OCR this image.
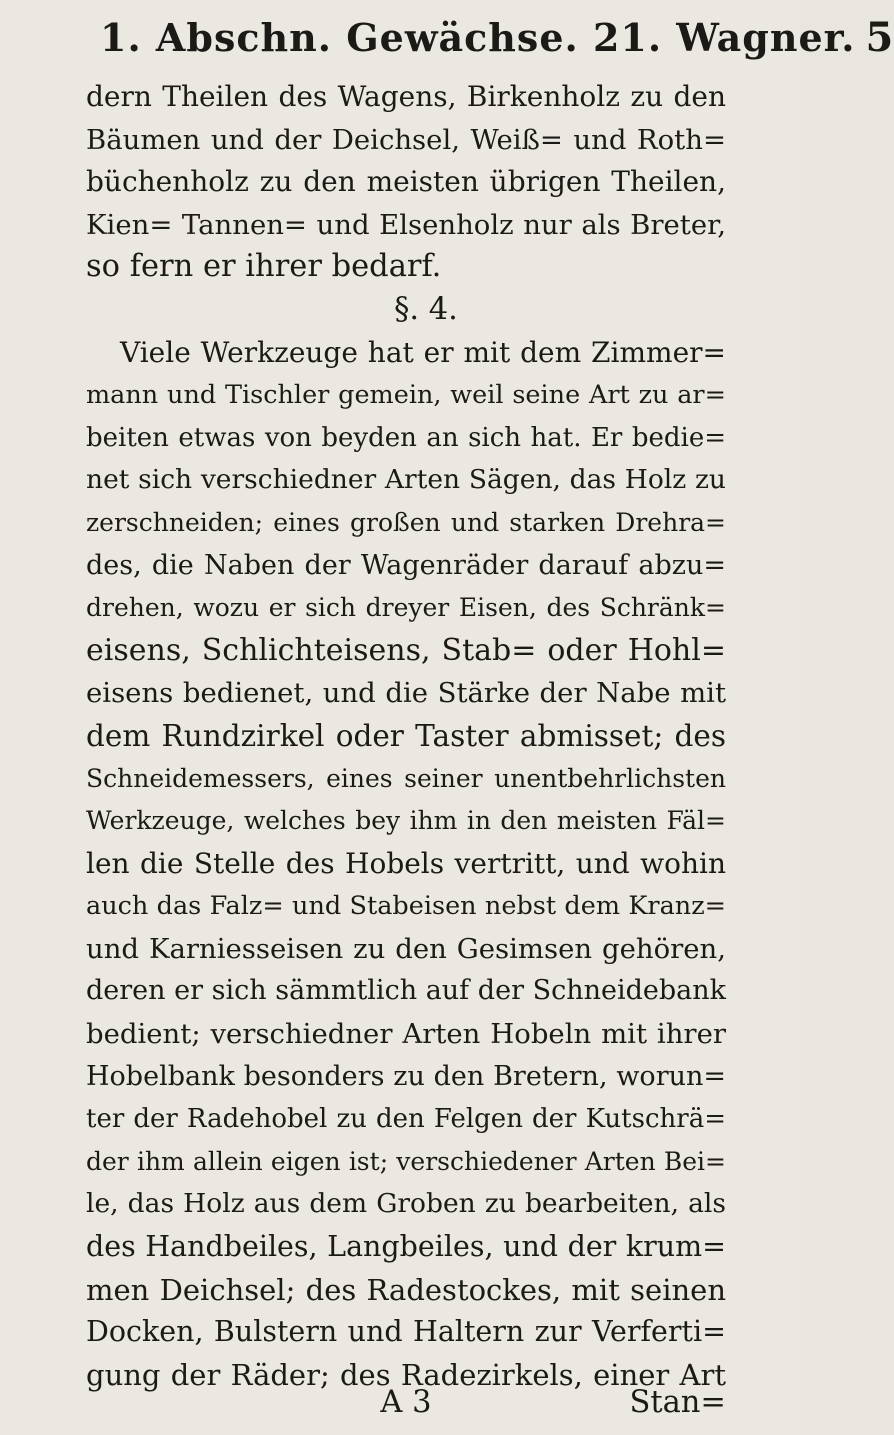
1. Abschn. Gewächse. 21. Wagner. 5
dern Theilen des Wagens, Birkenholz zu den
Bäumen und der Deichsel, Weiß= und Roth=
büchenholz zu den meisten übrigen Theilen,
Kien= Tannen= und Elsenholz nur als Breter,
so fern er ihrer bedarf.
§. 4.
Viele Werkzeuge hat er mit dem Zimmer=
mann und Tischler gemein, weil seine Art zu ar=
beiten etwas von beyden an sich hat. Er bedie=
net sich verschiedner Arten Sägen, das Holz zu
zerschneiden; eines großen und starken Drehra=
des, die Naben der Wagenräder darauf abzu=
drehen, wozu er sich dreyer Eisen, des Schränk=
eisens, Schlichteisens, Stab= oder Hohl=
eisens bedienet, und die Stärke der Nabe mit
dem Rundzirkel oder Taster abmisset; des
Schneidemessers, eines seiner unentbehrlichsten
Werkzeuge, welches bey ihm in den meisten Fäl=
len die Stelle des Hobels vertritt, und wohin
auch das Falz= und Stabeisen nebst dem Kranz=
und Karniesseisen zu den Gesimsen gehören,
deren er sich sämmtlich auf der Schneidebank
bedient; verschiedner Arten Hobeln mit ihrer
Hobelbank besonders zu den Bretern, worun=
ter der Radehobel zu den Felgen der Kutschrä=
der ihm allein eigen ist; verschiedener Arten Bei=
le, das Holz aus dem Groben zu bearbeiten, als
des Handbeiles, Langbeiles, und der krum=
men Deichsel; des Radestockes, mit seinen
Docken, Bulstern und Haltern zur Verferti=
gung der Räder; des Radezirkels, einer Art
A 3	Stan=
